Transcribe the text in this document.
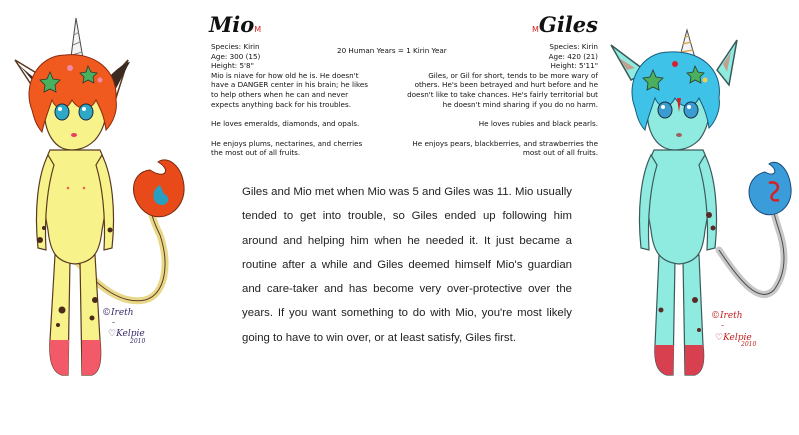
©Ireth
-
♡Kelpie
2010
©Ireth
-
♡Kelpie
2010
MioM	MGiles
20 Human Years = 1 Kirin Year

Species: Kirin

Age: 300 (15)

Height: 5'8"

Mio is niave for how old he is. He doesn't

have a DANGER center in his brain; he likes

to help others when he can and never

expects anything back for his troubles.

He loves emeralds, diamonds, and opals.

He enjoys plums, nectarines, and cherries

the most out of all fruits.

Species: Kirin

Age: 420 (21)

Height: 5'11"

Giles, or Gil for short, tends to be more wary of

others. He's been betrayed and hurt before and he

doesn't like to take chances. He's fairly territorial but

he doesn't mind sharing if you do no harm.

He loves rubies and black pearls.

He enjoys pears, blackberries, and strawberries the

most out of all fruits.

Giles and Mio met when Mio was 5 and Giles was 11. Mio usually tended to get into trouble, so Giles ended up following him around and helping him when he needed it. It just became a routine after a while and Giles deemed himself Mio's guardian and care-taker and has become very over-protective over the years. If you want something to do with Mio, you're most likely going to have to win over, or at least satisfy, Giles first.
